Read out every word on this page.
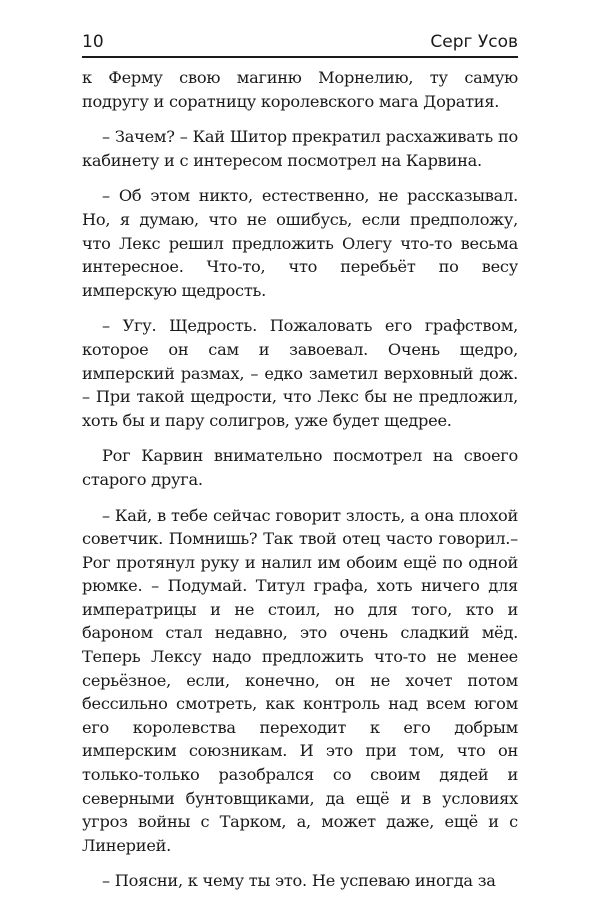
10	Серг Усов

к Ферму свою магиню Морнелию, ту самую подругу и соратницу королевского мага Доратия.

– Зачем? – Кай Шитор прекратил расхаживать по кабинету и с интересом посмотрел на Карвина.

– Об этом никто, естественно, не рассказывал. Но, я думаю, что не ошибусь, если предположу, что Лекс решил предложить Олегу что-то весьма интересное. Что-то, что перебьёт по весу имперскую щедрость.

– Угу. Щедрость. Пожаловать его графством, которое он сам и завоевал. Очень щедро, имперский размах, – едко заметил верховный дож. – При такой щедрости, что Лекс бы не предложил, хоть бы и пару солигров, уже будет щедрее.

Рог Карвин внимательно посмотрел на своего старого друга.

– Кай, в тебе сейчас говорит злость, а она плохой советчик. Помнишь? Так твой отец часто говорил.– Рог протянул руку и налил им обоим ещё по одной рюмке. – Подумай. Титул графа, хоть ничего для императрицы и не стоил, но для того, кто и бароном стал недавно, это очень сладкий мёд. Теперь Лексу надо предложить что-то не менее серьёзное, если, конечно, он не хочет потом бессильно смотреть, как контроль над всем югом его королевства переходит к его добрым имперским союзникам. И это при том, что он только-только разобрался со своим дядей и северными бунтовщиками, да ещё и в условиях угроз войны с Тарком, а, может даже, ещё и с Линерией.

– Поясни, к чему ты это. Не успеваю иногда за
